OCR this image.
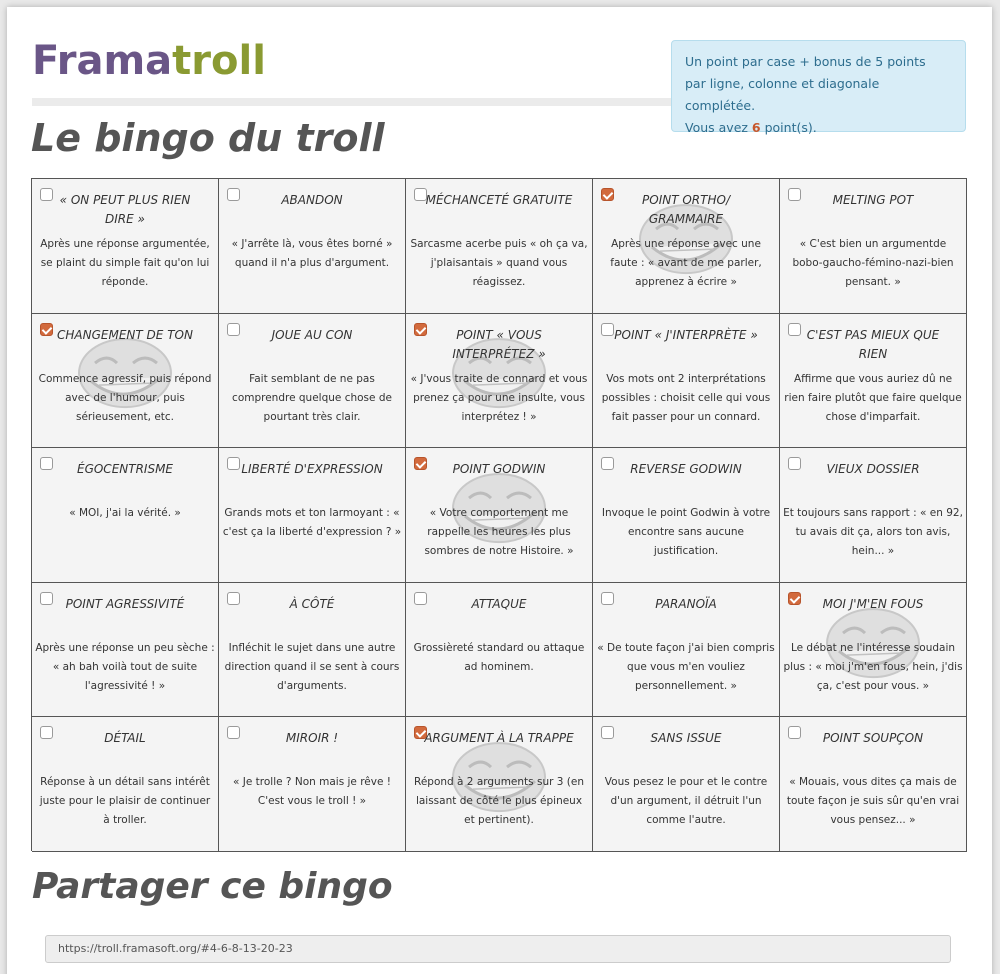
Framatroll	Un point par case + bonus de 5 points
par ligne, colonne et diagonale complétée.
Vous avez 6 point(s).
Le bingo du troll
« ON PEUT PLUS RIEN DIRE »
Après une réponse argumentée, se plaint du simple fait qu'on lui réponde.
ABANDON
« J'arrête là, vous êtes borné » quand il n'a plus d'argument.
MÉCHANCETÉ GRATUITE
Sarcasme acerbe puis « oh ça va, j'plaisantais » quand vous réagissez.
POINT ORTHO/ GRAMMAIRE
Après une réponse avec une faute : « avant de me parler, apprenez à écrire »
MELTING POT
« C'est bien un argumentde bobo-gaucho-fémino-nazi-bien pensant. »
CHANGEMENT DE TON
Commence agressif, puis répond avec de l'humour, puis sérieusement, etc.
JOUE AU CON
Fait semblant de ne pas comprendre quelque chose de pourtant très clair.
POINT « VOUS INTERPRÉTEZ »
« J'vous traite de connard et vous prenez ça pour une insulte, vous interprétez ! »
POINT « J'INTERPRÈTE »
Vos mots ont 2 interprétations possibles : choisit celle qui vous fait passer pour un connard.
C'EST PAS MIEUX QUE RIEN
Affirme que vous auriez dû ne rien faire plutôt que faire quelque chose d'imparfait.
ÉGOCENTRISME
« MOI, j'ai la vérité. »
LIBERTÉ D'EXPRESSION
Grands mots et ton larmoyant : « c'est ça la liberté d'expression ? »
POINT GODWIN
« Votre comportement me rappelle les heures les plus sombres de notre Histoire. »
REVERSE GODWIN
Invoque le point Godwin à votre encontre sans aucune justification.
VIEUX DOSSIER
Et toujours sans rapport : « en 92, tu avais dit ça, alors ton avis, hein... »
POINT AGRESSIVITÉ
Après une réponse un peu sèche : « ah bah voilà tout de suite l'agressivité ! »
À CÔTÉ
Infléchit le sujet dans une autre direction quand il se sent à cours d'arguments.
ATTAQUE
Grossièreté standard ou attaque ad hominem.
PARANOÏA
« De toute façon j'ai bien compris que vous m'en vouliez personnellement. »
MOI J'M'EN FOUS
Le débat ne l'intéresse soudain plus : « moi j'm'en fous, hein, j'dis ça, c'est pour vous. »
DÉTAIL
Réponse à un détail sans intérêt juste pour le plaisir de continuer à troller.
MIROIR !
« Je trolle ? Non mais je rêve ! C'est vous le troll ! »
ARGUMENT À LA TRAPPE
Répond à 2 arguments sur 3 (en laissant de côté le plus épineux et pertinent).
SANS ISSUE
Vous pesez le pour et le contre d'un argument, il détruit l'un comme l'autre.
POINT SOUPÇON
« Mouais, vous dites ça mais de toute façon je suis sûr qu'en vrai vous pensez... »
Partager ce bingo
https://troll.framasoft.org/#4-6-8-13-20-23
